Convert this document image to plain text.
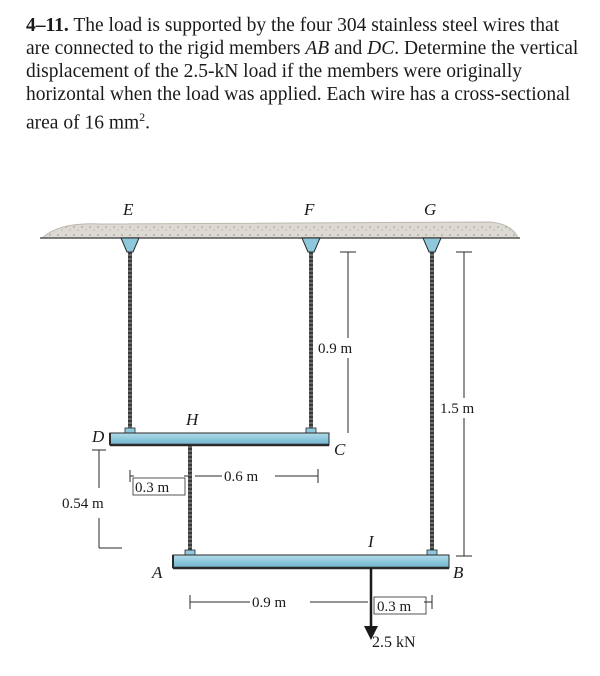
4–11. The load is supported by the four 304 stainless steel wires that are connected to the rigid members AB and DC. Determine the vertical displacement of the 2.5-kN load if the members were originally horizontal when the load was applied. Each wire has a cross-sectional area of 16 $mm^2$.
E	F	G
D
H
C
A	B
I
0.9 m
1.5 m
0.3 m
0.6 m
0.54 m
0.9 m	0.3 m
2.5 kN
